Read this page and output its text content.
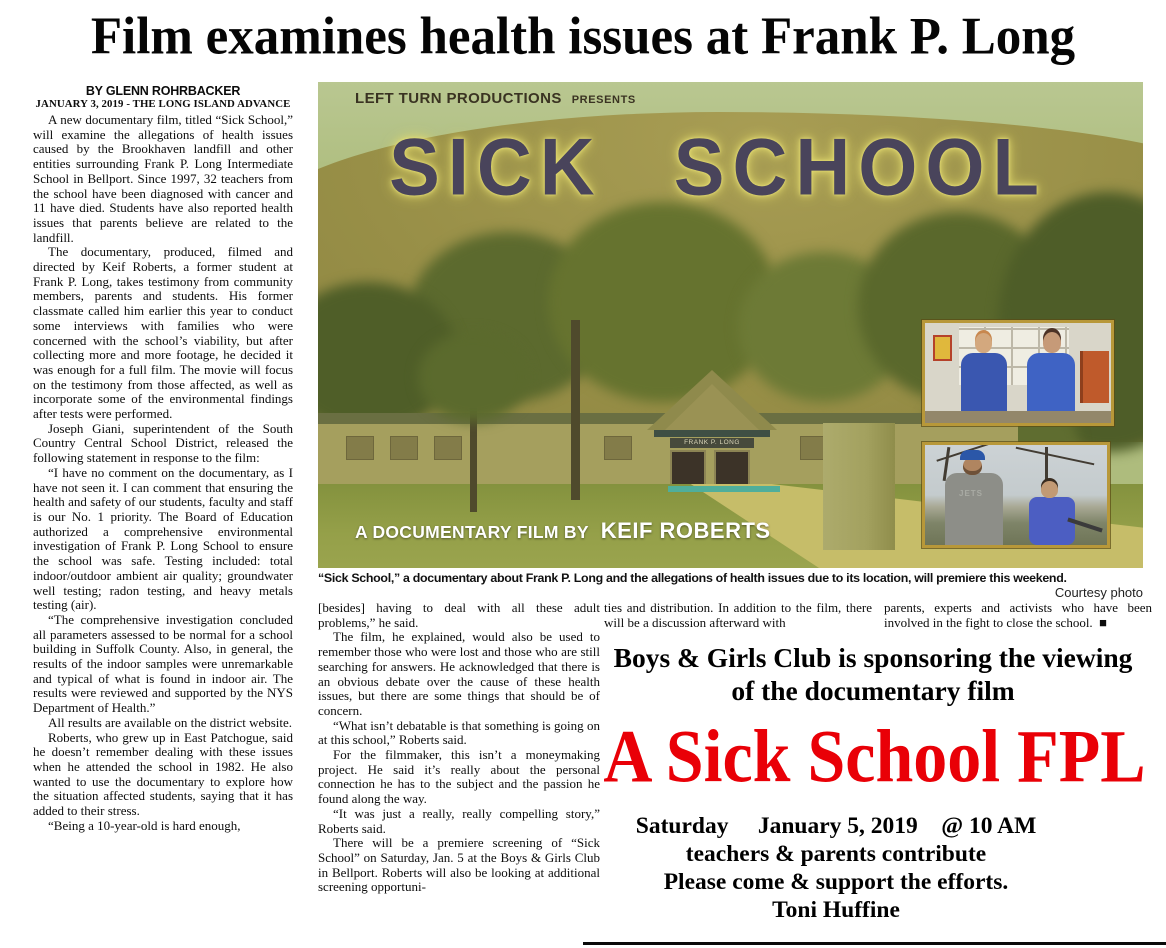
Film examines health issues at Frank P. Long
BY GLENN ROHRBACKER
JANUARY 3, 2019 - THE LONG ISLAND ADVANCE

A new documentary film, titled “Sick School,” will examine the allegations of health issues caused by the Brookhaven landfill and other entities surrounding Frank P. Long Intermediate School in Bellport. Since 1997, 32 teachers from the school have been diagnosed with cancer and 11 have died. Students have also reported health issues that parents believe are related to the landfill.

The documentary, produced, filmed and directed by Keif Roberts, a former student at Frank P. Long, takes testimony from community members, parents and students. His former classmate called him earlier this year to conduct some interviews with families who were concerned with the school’s viability, but after collecting more and more footage, he decided it was enough for a full film. The movie will focus on the testimony from those affected, as well as incorporate some of the environmental findings after tests were performed.

Joseph Giani, superintendent of the South Country Central School District, released the following statement in response to the film:

“I have no comment on the documentary, as I have not seen it. I can comment that ensuring the health and safety of our students, faculty and staff is our No. 1 priority. The Board of Education authorized a comprehensive environmental investigation of Frank P. Long School to ensure the school was safe. Testing included: total indoor/outdoor ambient air quality; groundwater well testing; radon testing, and heavy metals testing (air).

“The comprehensive investigation concluded all parameters assessed to be normal for a school building in Suffolk County. Also, in general, the results of the indoor samples were unremarkable and typical of what is found in indoor air. The results were reviewed and supported by the NYS Department of Health.”

All results are available on the district website.

Roberts, who grew up in East Patchogue, said he doesn’t remember dealing with these issues when he attended the school in 1982. He also wanted to use the documentary to explore how the situation affected students, saying that it has added to their stress.

“Being a 10-year-old is hard enough,

FRANK P. LONG
LEFT TURN PRODUCTIONS PRESENTS
SICK SCHOOL
A DOCUMENTARY FILM BY KEIF ROBERTS
JETS
“Sick School,” a documentary about Frank P. Long and the allegations of health issues due to its location, will premiere this weekend.
Courtesy photo

[besides] having to deal with all these adult problems,” he said.

The film, he explained, would also be used to remember those who were lost and those who are still searching for answers. He acknowledged that there is an obvious debate over the cause of these health issues, but there are some things that should be of concern.

“What isn’t debatable is that something is going on at this school,” Roberts said.

For the filmmaker, this isn’t a moneymaking project. He said it’s really about the personal connection he has to the subject and the passion he found along the way.

“It was just a really, really compelling story,” Roberts said.

There will be a premiere screening of “Sick School” on Saturday, Jan. 5 at the Boys & Girls Club in Bellport. Roberts will also be looking at additional screening opportuni-

ties and distribution. In addition to the film, there will be a discussion afterward with

parents, experts and activists who have been involved in the fight to close the school.  ■

Boys & Girls Club is sponsoring the viewing
of the documentary film
A Sick School FPL
Saturday     January 5, 2019    @ 10 AM
teachers & parents contribute
Please come & support the efforts.
Toni Huffine
